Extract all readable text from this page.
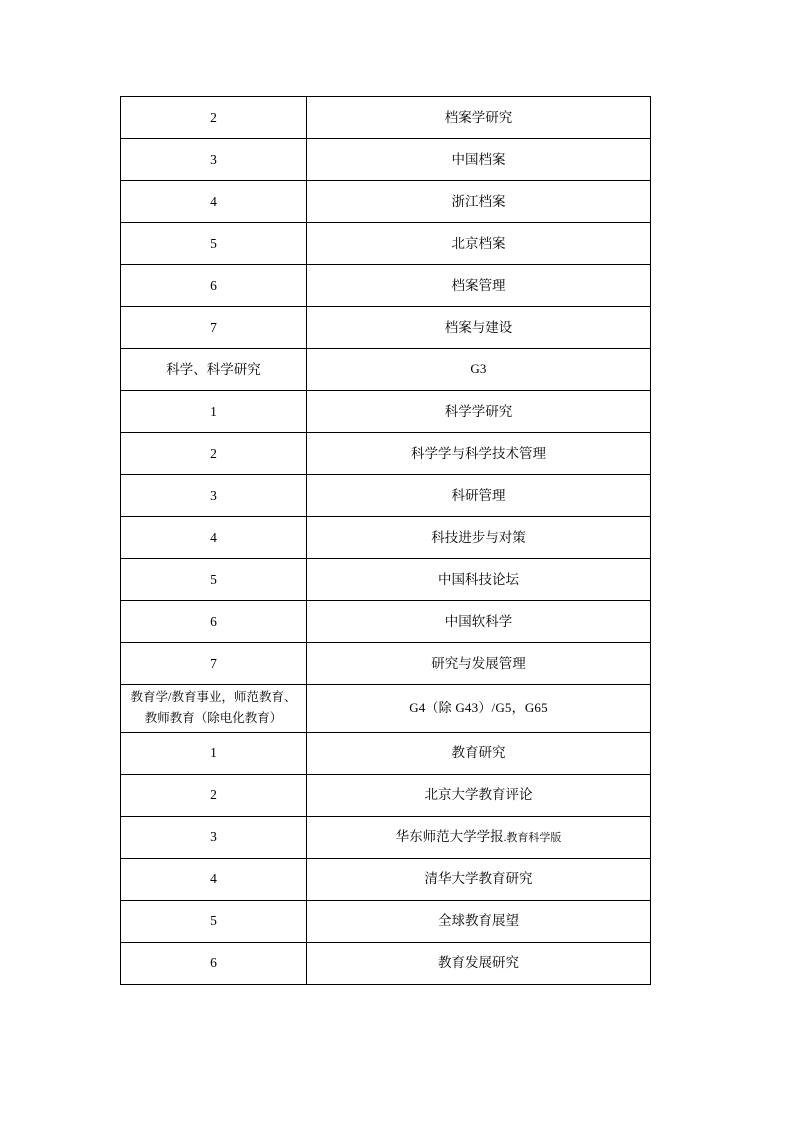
2	档案学研究

3	中国档案

4	浙江档案

5	北京档案

6	档案管理

7	档案与建设

科学、科学研究	G3

1	科学学研究

2	科学学与科学技术管理

3	科研管理

4	科技进步与对策

5	中国科技论坛

6	中国软科学

7	研究与发展管理

教育学/教育事业，师范教育、
教师教育（除电化教育）	G4（除 G43）/G5，G65

1	教育研究

2	北京大学教育评论

3	华东师范大学学报.教育科学版

4	清华大学教育研究

5	全球教育展望

6	教育发展研究
